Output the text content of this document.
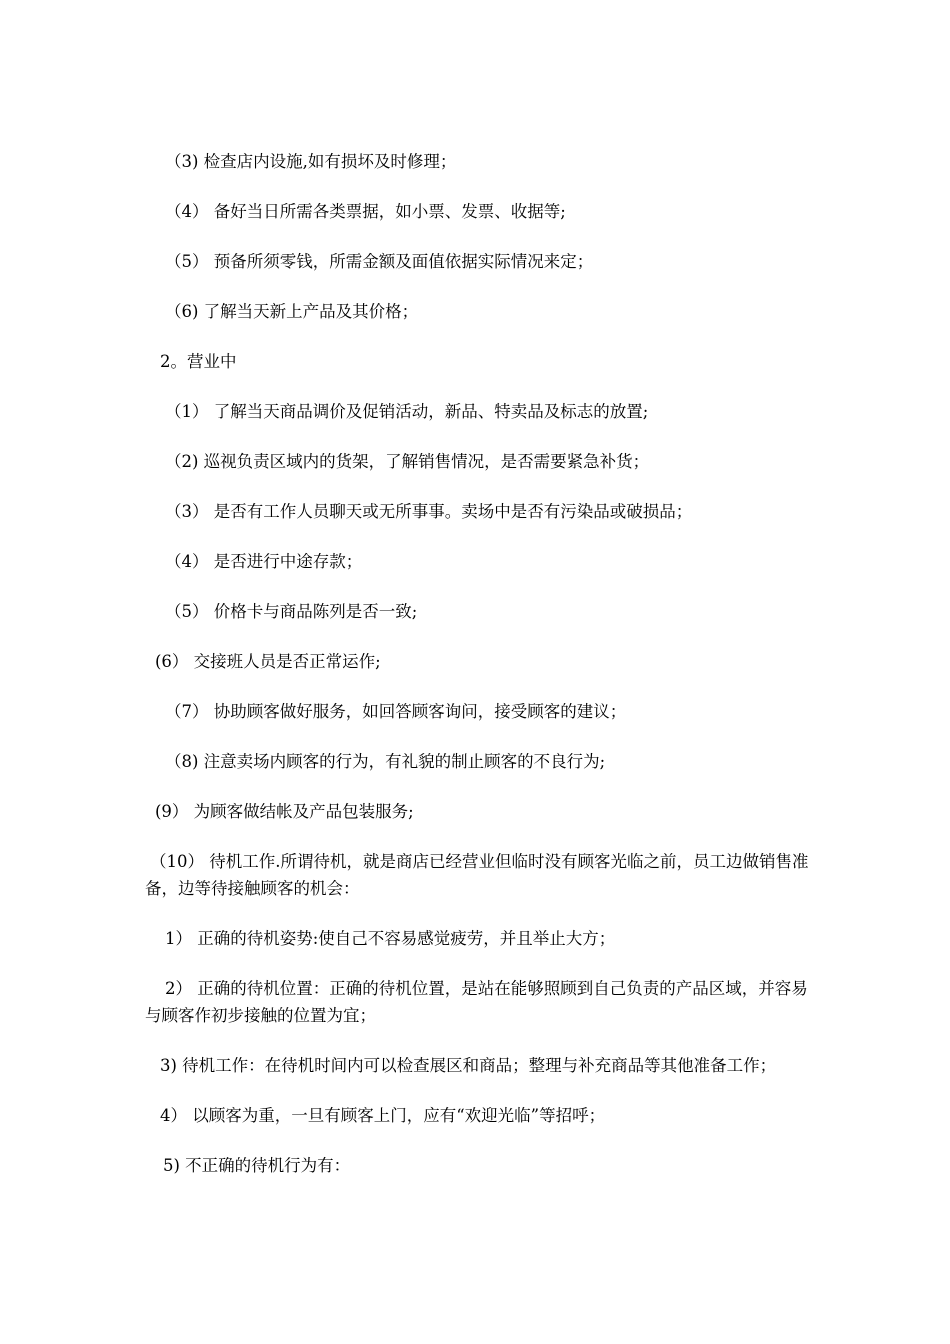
（3) 检查店内设施,如有损坏及时修理；

（4） 备好当日所需各类票据，如小票、发票、收据等;

（5） 预备所须零钱，所需金额及面值依据实际情况来定；

（6) 了解当天新上产品及其价格；

2。营业中

（1） 了解当天商品调价及促销活动，新品、特卖品及标志的放置;

（2) 巡视负责区域内的货架，了解销售情况，是否需要紧急补货；

（3） 是否有工作人员聊天或无所事事。卖场中是否有污染品或破损品；

（4） 是否进行中途存款；

（5） 价格卡与商品陈列是否一致;

(6） 交接班人员是否正常运作;

（7） 协助顾客做好服务，如回答顾客询问，接受顾客的建议；

（8) 注意卖场内顾客的行为，有礼貌的制止顾客的不良行为;

(9） 为顾客做结帐及产品包装服务;

（10） 待机工作.所谓待机，就是商店已经营业但临时没有顾客光临之前，员工边做销售准备，边等待接触顾客的机会：

1） 正确的待机姿势:使自己不容易感觉疲劳，并且举止大方；

2） 正确的待机位置：正确的待机位置，是站在能够照顾到自己负责的产品区域，并容易与顾客作初步接触的位置为宜；

3) 待机工作：在待机时间内可以检查展区和商品；整理与补充商品等其他准备工作；

4） 以顾客为重，一旦有顾客上门，应有“欢迎光临”等招呼；

5) 不正确的待机行为有：
